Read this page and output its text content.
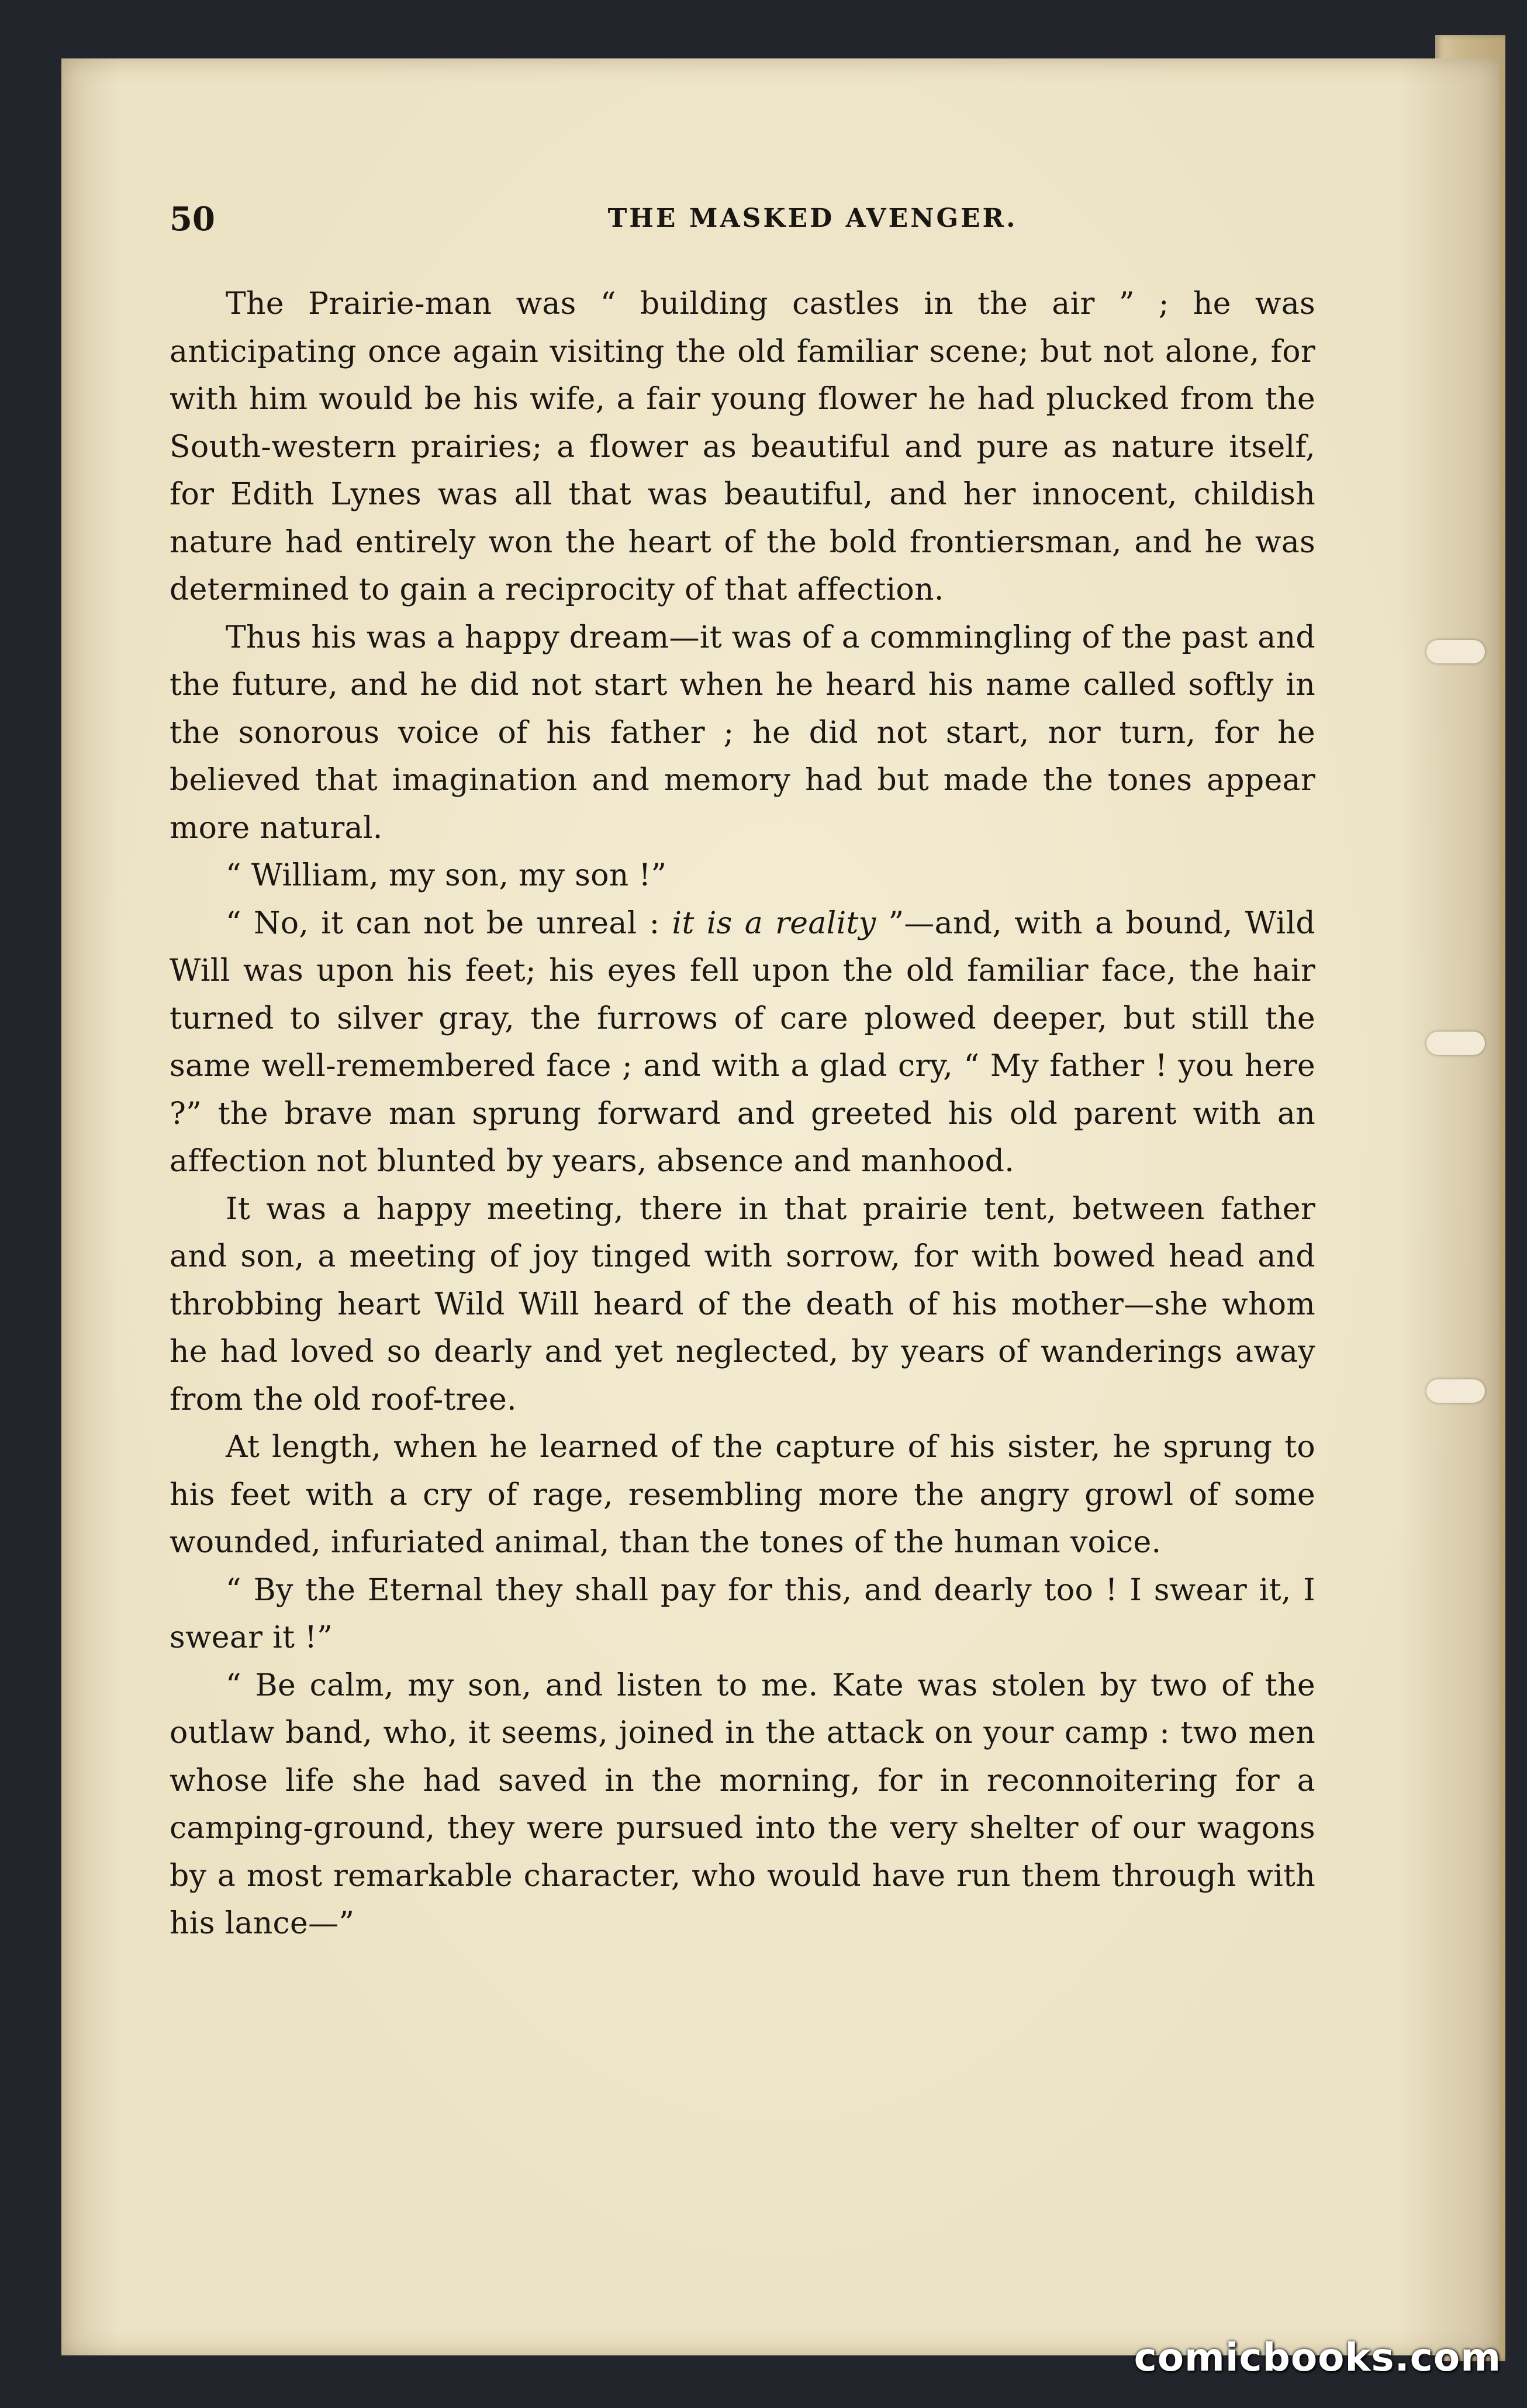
50	THE MASKED AVENGER.

The Prairie-man was “ building castles in the air ” ; he was anticipating once again visiting the old familiar scene; but not alone, for with him would be his wife, a fair young flower he had plucked from the South-western prairies; a flower as beautiful and pure as nature itself, for Edith Lynes was all that was beautiful, and her innocent, childish nature had entirely won the heart of the bold frontiersman, and he was determined to gain a reciprocity of that affection.

Thus his was a happy dream—it was of a commingling of the past and the future, and he did not start when he heard his name called softly in the sonorous voice of his father ; he did not start, nor turn, for he believed that imagination and memory had but made the tones appear more natural.

“ William, my son, my son !”

“ No, it can not be unreal : it is a reality ”—and, with a bound, Wild Will was upon his feet; his eyes fell upon the old familiar face, the hair turned to silver gray, the furrows of care plowed deeper, but still the same well-remembered face ; and with a glad cry, “ My father ! you here ?” the brave man sprung forward and greeted his old parent with an affection not blunted by years, absence and manhood.

It was a happy meeting, there in that prairie tent, between father and son, a meeting of joy tinged with sorrow, for with bowed head and throbbing heart Wild Will heard of the death of his mother—she whom he had loved so dearly and yet neglected, by years of wanderings away from the old roof-tree.

At length, when he learned of the capture of his sister, he sprung to his feet with a cry of rage, resembling more the angry growl of some wounded, infuriated animal, than the tones of the human voice.

“ By the Eternal they shall pay for this, and dearly too ! I swear it, I swear it !”

“ Be calm, my son, and listen to me. Kate was stolen by two of the outlaw band, who, it seems, joined in the attack on your camp : two men whose life she had saved in the morning, for in reconnoitering for a camping-ground, they were pursued into the very shelter of our wagons by a most remarkable character, who would have run them through with his lance—”

comicbooks.com
